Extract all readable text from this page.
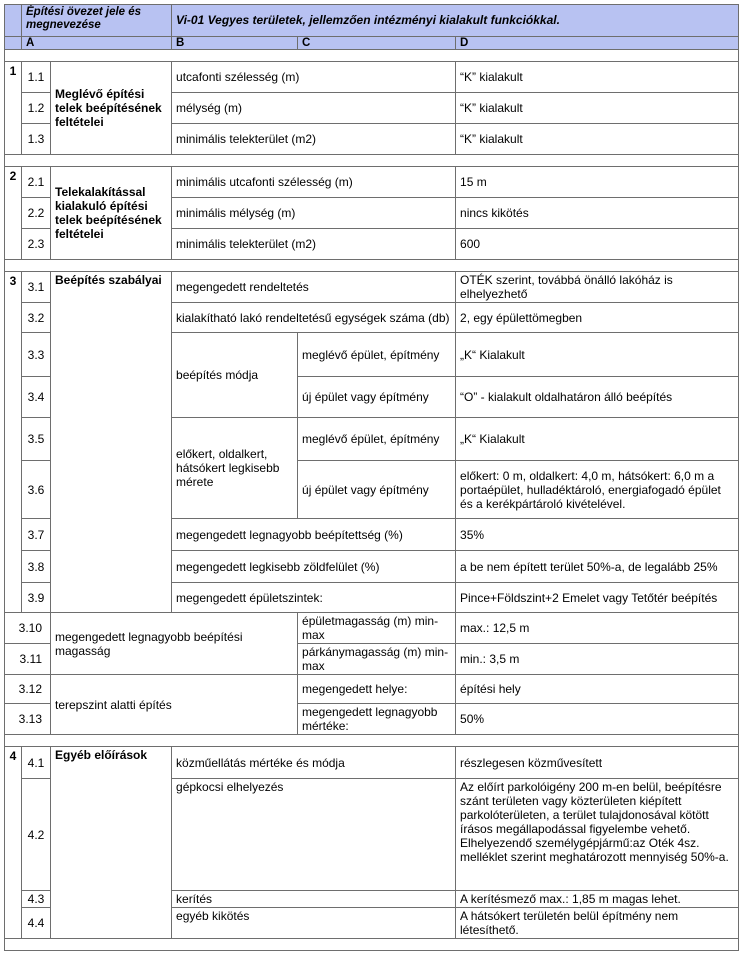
	Építési övezet jele és megnevezése		Vi-01 Vegyes területek, jellemzően intézményi kialakult funkciókkal.		
	A		B	C	D

1	1.1	Meglévő építési telek beépítésének feltételei	utcafonti szélesség (m)		“K” kialakult
	1.2		mélység (m)		“K” kialakult
	1.3		minimális telekterület (m2)		“K” kialakult

2	2.1	Telekalakítással kialakuló építési telek beépítésének feltételei	minimális utcafonti szélesség (m)		15 m
	2.2		minimális mélység (m)		nincs kikötés
	2.3		minimális telekterület (m2)		600

3	3.1	Beépítés szabályai	megengedett rendeltetés		OTÉK szerint, továbbá önálló lakóház is elhelyezhető
	3.2		kialakítható lakó rendeltetésű egységek száma (db)		2, egy épülettömegben
	3.3		beépítés módja	meglévő épület, építmény	„K“ Kialakult
	3.4			új épület vagy építmény	“O” - kialakult oldalhatáron álló beépítés
	3.5		előkert, oldalkert, hátsókert legkisebb mérete	meglévő épület, építmény	„K“ Kialakult
	3.6			új épület vagy építmény	előkert: 0 m, oldalkert: 4,0 m, hátsókert: 6,0 m a portaépület, hulladéktároló, energiafogadó épület és a kerékpártároló kivételével.
	3.7		megengedett legnagyobb beépítettség (%)		35%
	3.8		megengedett legkisebb zöldfelület (%)		a be nem épített terület 50%-a, de legalább 25%
	3.9		megengedett épületszintek:		Pince+Földszint+2 Emelet vagy Tetőtér beépítés
3.10		megengedett legnagyobb beépítési magasság		épületmagasság (m) min-max	max.: 12,5 m
3.11				párkánymagasság (m) min-max	min.: 3,5 m
3.12		terepszint alatti építés		megengedett helye:	építési hely
3.13				megengedett legnagyobb mértéke:	50%

4	4.1	Egyéb előírások	közműellátás mértéke és módja		részlegesen közművesített
	4.2		gépkocsi elhelyezés		Az előírt parkolóigény 200 m-en belül, beépítésre szánt területen vagy közterületen kiépített parkolóterületen, a terület tulajdonosával kötött írásos megállapodással figyelembe vehető. Elhelyezendő személygépjármű:az Oték 4sz. melléklet szerint meghatározott mennyiség 50%-a.
	4.3		kerítés		A kerítésmező max.: 1,85 m magas lehet.
	4.4		egyéb kikötés		A hátsókert területén belül építmény nem létesíthető.
